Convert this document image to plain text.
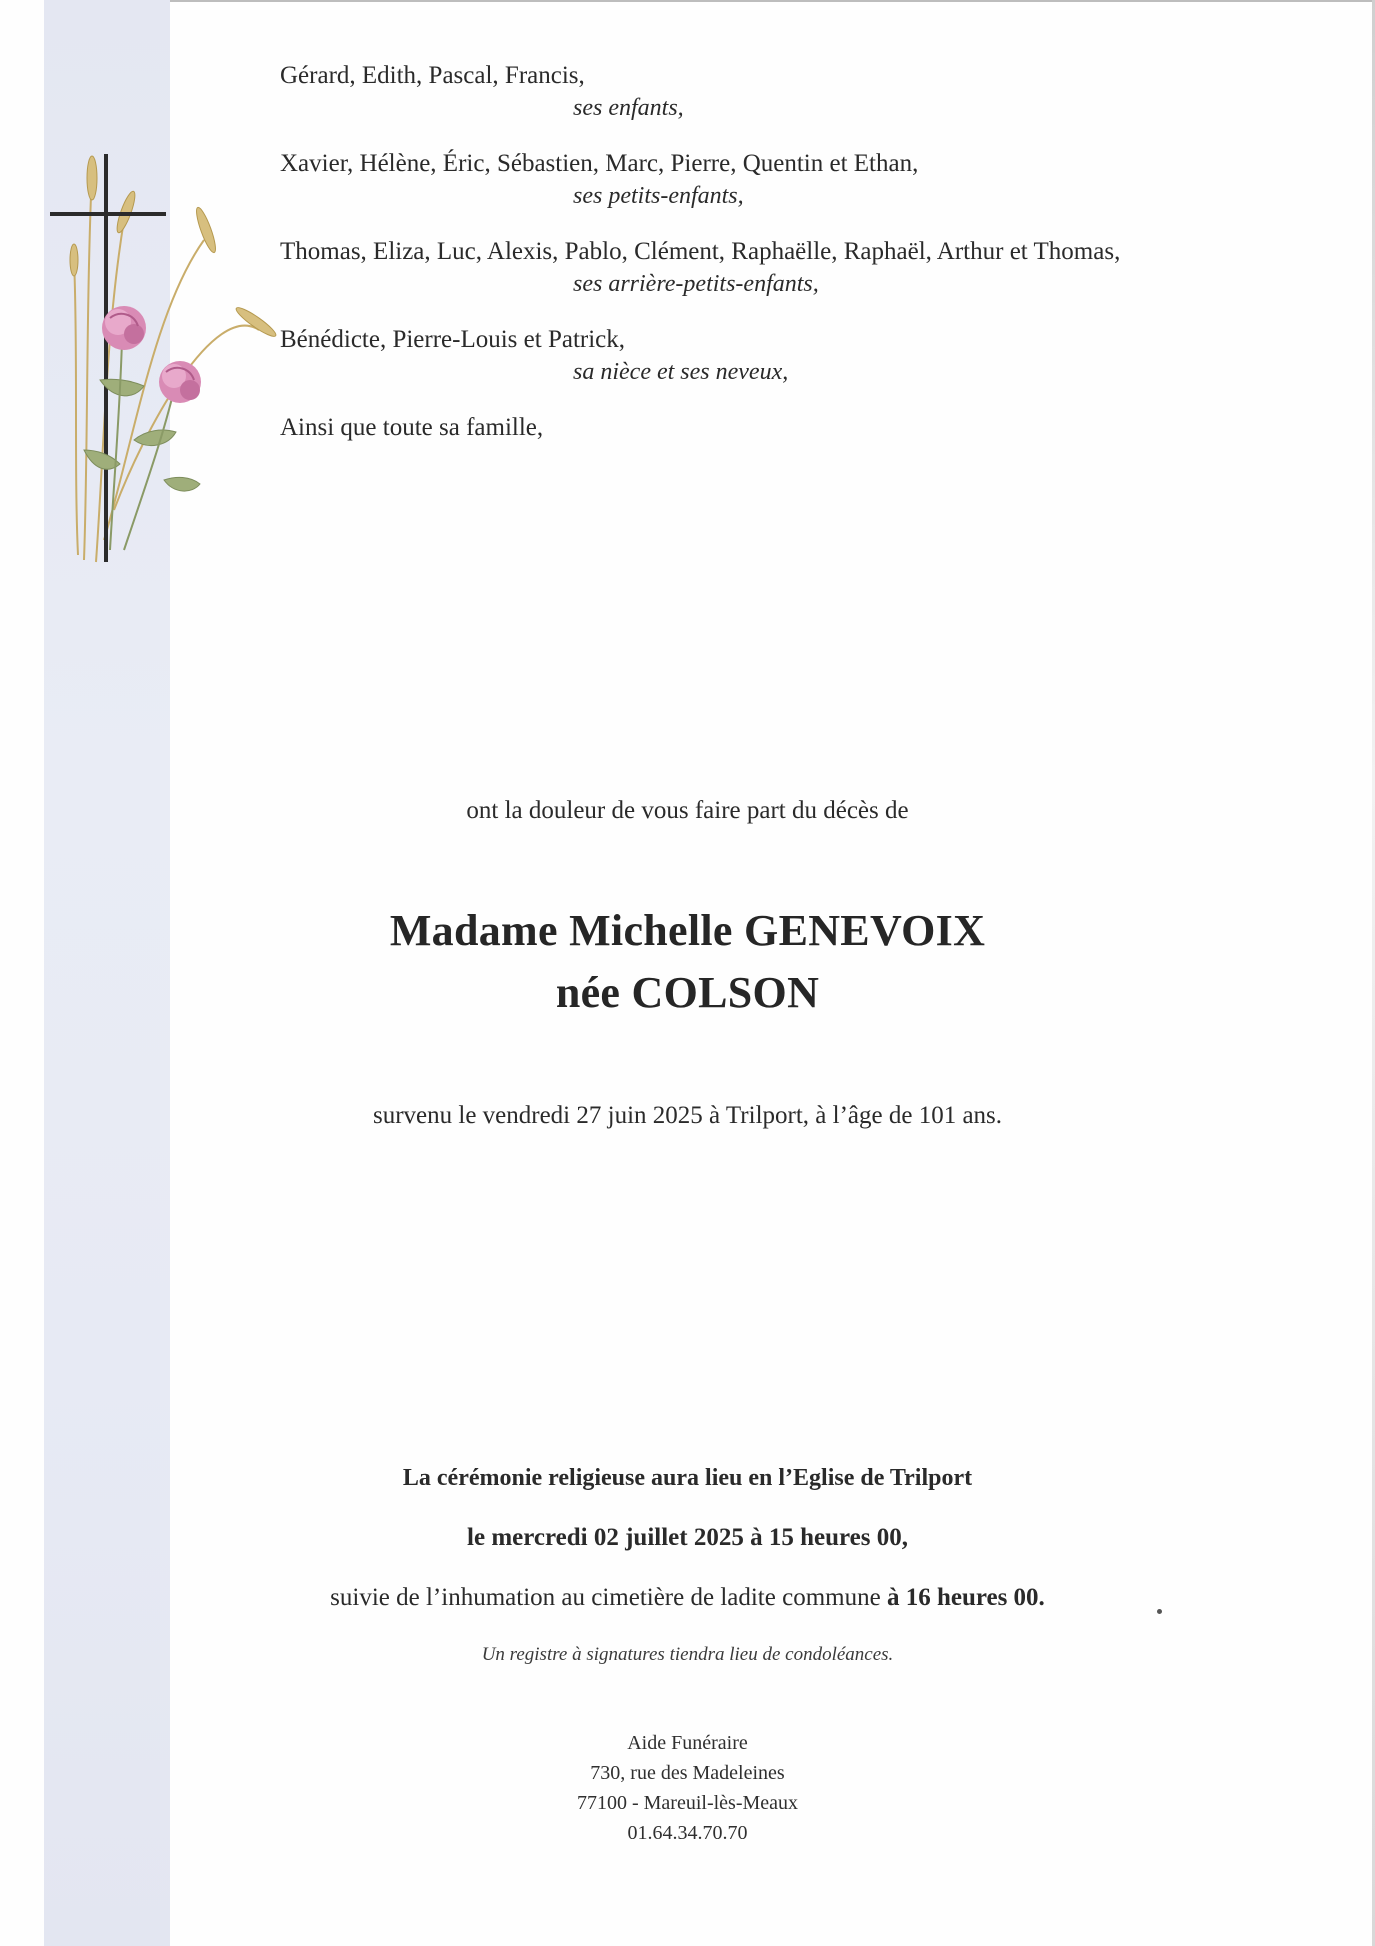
Gérard, Edith, Pascal, Francis,

ses enfants,

Xavier, Hélène, Éric, Sébastien, Marc, Pierre, Quentin et Ethan,

ses petits-enfants,

Thomas, Eliza, Luc, Alexis, Pablo, Clément, Raphaëlle, Raphaël, Arthur et Thomas,

ses arrière-petits-enfants,

Bénédicte, Pierre-Louis et Patrick,

sa nièce et ses neveux,

Ainsi que toute sa famille,

ont la douleur de vous faire part du décès de
Madame Michelle GENEVOIX
née COLSON
survenu le vendredi 27 juin 2025 à Trilport, à l’âge de 101 ans.
La cérémonie religieuse aura lieu en l’Eglise de Trilport
le mercredi 02 juillet 2025 à 15 heures 00,
suivie de l’inhumation au cimetière de ladite commune à 16 heures 00.
Un registre à signatures tiendra lieu de condoléances.
Aide Funéraire
730, rue des Madeleines
77100 - Mareuil-lès-Meaux
01.64.34.70.70
